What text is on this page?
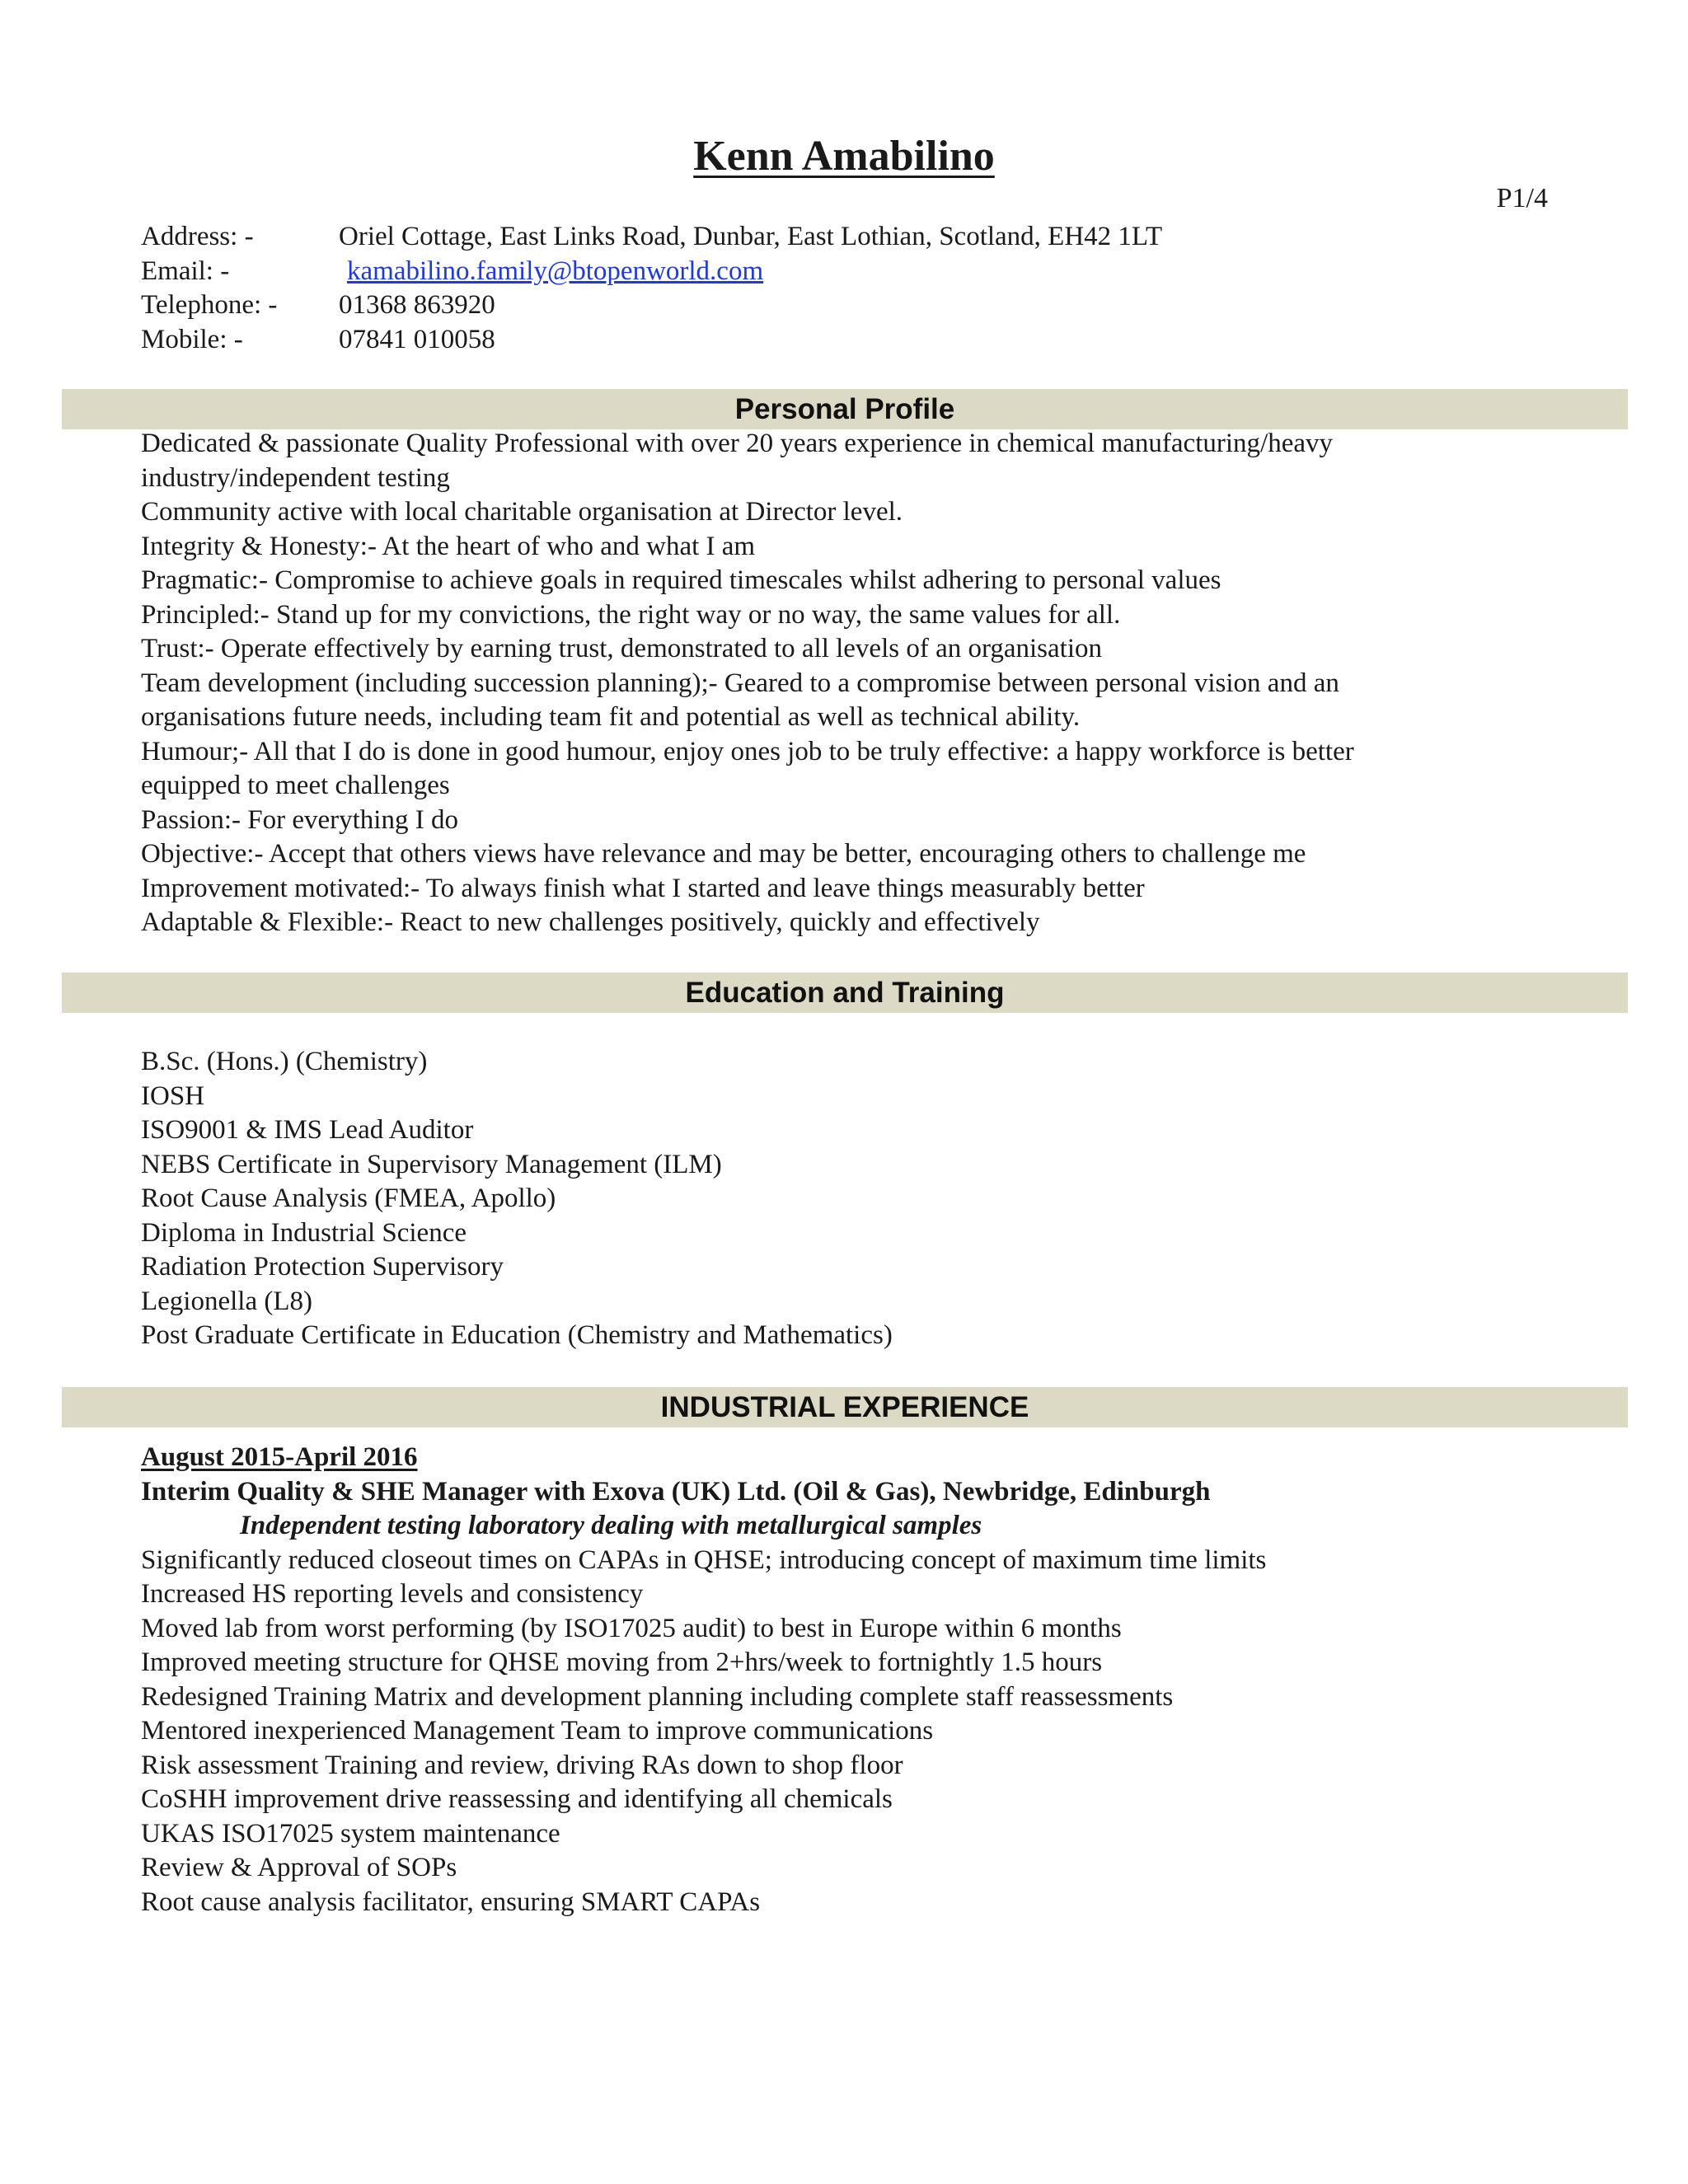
Kenn Amabilino
P1/4
Address: -	Oriel Cottage, East Links Road, Dunbar, East Lothian, Scotland, EH42 1LT
Email: -	kamabilino.family@btopenworld.com
Telephone: - 01368 863920
Mobile: -	07841 010058
Personal Profile
Dedicated & passionate Quality Professional with over 20 years experience in chemical manufacturing/heavy
industry/independent testing
Community active with local charitable organisation at Director level.
Integrity & Honesty:- At the heart of who and what I am
Pragmatic:- Compromise to achieve goals in required timescales whilst adhering to personal values
Principled:- Stand up for my convictions, the right way or no way, the same values for all.
Trust:- Operate effectively by earning trust, demonstrated to all levels of an organisation
Team development (including succession planning);- Geared to a compromise between personal vision and an
organisations future needs, including team fit and potential as well as technical ability.
Humour;- All that I do is done in good humour, enjoy ones job to be truly effective: a happy workforce is better
equipped to meet challenges
Passion:- For everything I do
Objective:- Accept that others views have relevance and may be better, encouraging others to challenge me
Improvement motivated:- To always finish what I started and leave things measurably better
Adaptable & Flexible:- React to new challenges positively, quickly and effectively
Education and Training
B.Sc. (Hons.) (Chemistry)
IOSH
ISO9001 & IMS Lead Auditor
NEBS Certificate in Supervisory Management (ILM)
Root Cause Analysis (FMEA, Apollo)
Diploma in Industrial Science
Radiation Protection Supervisory
Legionella (L8)
Post Graduate Certificate in Education (Chemistry and Mathematics)
INDUSTRIAL EXPERIENCE
August 2015-April 2016
Interim Quality & SHE Manager with Exova (UK) Ltd. (Oil & Gas), Newbridge, Edinburgh
Independent testing laboratory dealing with metallurgical samples
Significantly reduced closeout times on CAPAs in QHSE; introducing concept of maximum time limits
Increased HS reporting levels and consistency
Moved lab from worst performing (by ISO17025 audit) to best in Europe within 6 months
Improved meeting structure for QHSE moving from 2+hrs/week to fortnightly 1.5 hours
Redesigned Training Matrix and development planning including complete staff reassessments
Mentored inexperienced Management Team to improve communications
Risk assessment Training and review, driving RAs down to shop floor
CoSHH improvement drive reassessing and identifying all chemicals
UKAS ISO17025 system maintenance
Review & Approval of SOPs
Root cause analysis facilitator, ensuring SMART CAPAs
